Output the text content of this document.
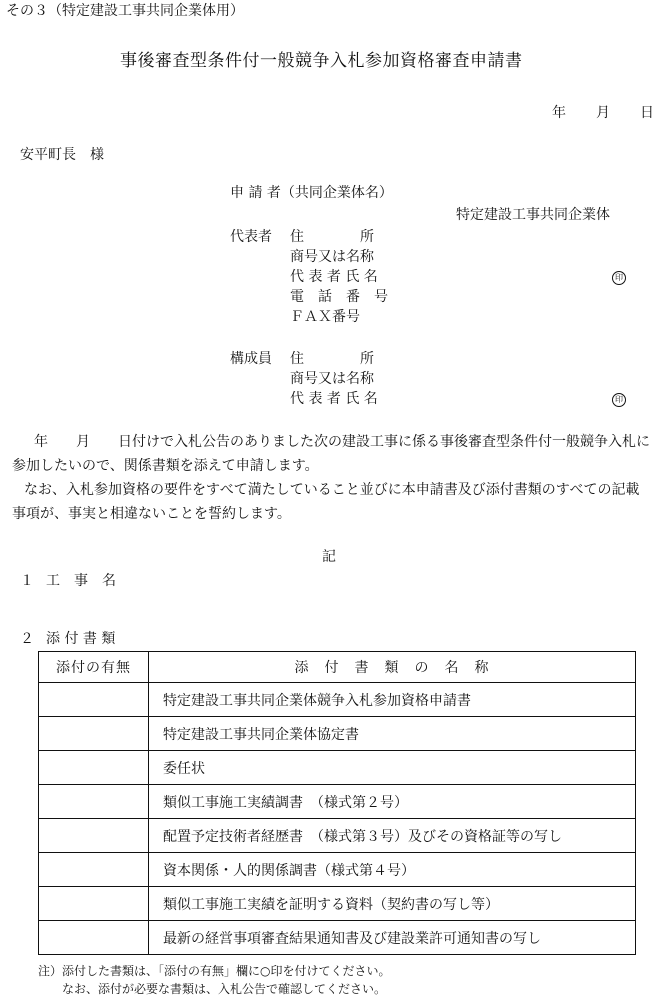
その３（特定建設工事共同企業体用）
事後審査型条件付一般競争入札参加資格審査申請書
年 月 日
安平町長　様
申 請 者（共同企業体名）
特定建設工事共同企業体
代表者 住　　　　所
商号又は名称
代 表 者 氏 名	印
電　話　番　号
ＦＡＸ番号
構成員 住　　　　所
商号又は名称
代 表 者 氏 名	印
年　　月　　日付けで入札公告のありました次の建設工事に係る事後審査型条件付一般競争入札に参加したいので、関係書類を添えて申請します。
なお、入札参加資格の要件をすべて満たしていること並びに本申請書及び添付書類のすべての記載事項が、事実と相違ないことを誓約します。
記
１ 工　事　名
２ 添 付 書 類
添付の有無	添　付　書　類　の　名　称
	特定建設工事共同企業体競争入札参加資格申請書
	特定建設工事共同企業体協定書
	委任状
	類似工事施工実績調書　（様式第２号）
	配置予定技術者経歴書　（様式第３号）及びその資格証等の写し
	資本関係・人的関係調書（様式第４号）
	類似工事施工実績を証明する資料（契約書の写し等）
	最新の経営事項審査結果通知書及び建設業許可通知書の写し
注）添付した書類は、「添付の有無」欄に○印を付けてください。
なお、添付が必要な書類は、入札公告で確認してください。
